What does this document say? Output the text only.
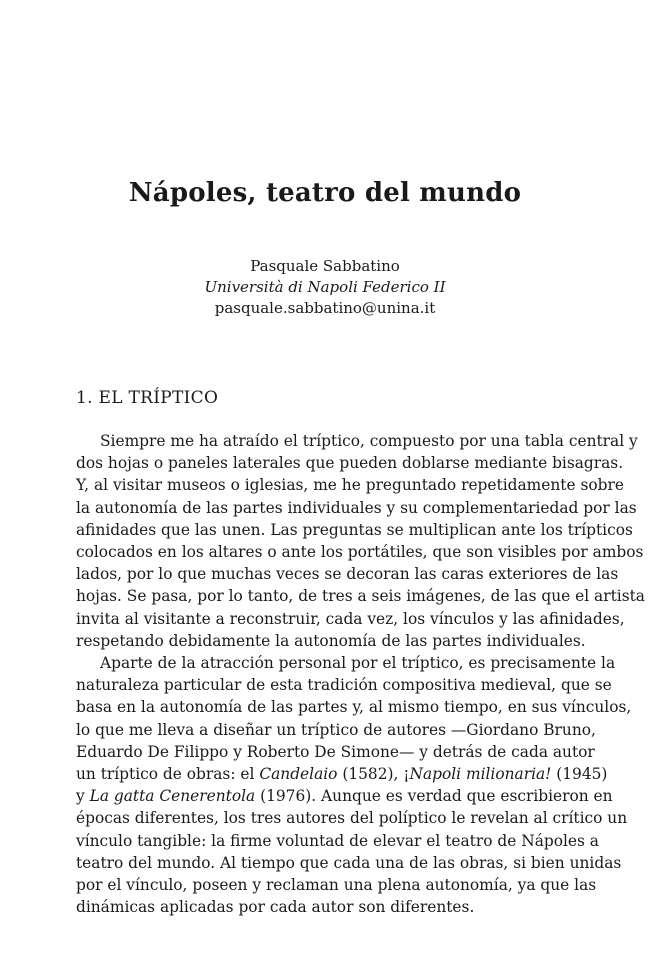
Nápoles, teatro del mundo
Pasquale Sabbatino
Università di Napoli Federico II
pasquale.sabbatino@unina.it
1. EL TRÍPTICO
Siempre me ha atraído el tríptico, compuesto por una tabla central y
dos hojas o paneles laterales que pueden doblarse mediante bisagras.
Y, al visitar museos o iglesias, me he preguntado repetidamente sobre
la autonomía de las partes individuales y su complementariedad por las
afinidades que las unen. Las preguntas se multiplican ante los trípticos
colocados en los altares o ante los portátiles, que son visibles por ambos
lados, por lo que muchas veces se decoran las caras exteriores de las
hojas. Se pasa, por lo tanto, de tres a seis imágenes, de las que el artista
invita al visitante a reconstruir, cada vez, los vínculos y las afinidades,
respetando debidamente la autonomía de las partes individuales.
Aparte de la atracción personal por el tríptico, es precisamente la
naturaleza particular de esta tradición compositiva medieval, que se
basa en la autonomía de las partes y, al mismo tiempo, en sus vínculos,
lo que me lleva a diseñar un tríptico de autores —Giordano Bruno,
Eduardo De Filippo y Roberto De Simone— y detrás de cada autor
un tríptico de obras: el Candelaio (1582), ¡Napoli milionaria! (1945)
y La gatta Cenerentola (1976). Aunque es verdad que escribieron en
épocas diferentes, los tres autores del políptico le revelan al crítico un
vínculo tangible: la firme voluntad de elevar el teatro de Nápoles a
teatro del mundo. Al tiempo que cada una de las obras, si bien unidas
por el vínculo, poseen y reclaman una plena autonomía, ya que las
dinámicas aplicadas por cada autor son diferentes.
